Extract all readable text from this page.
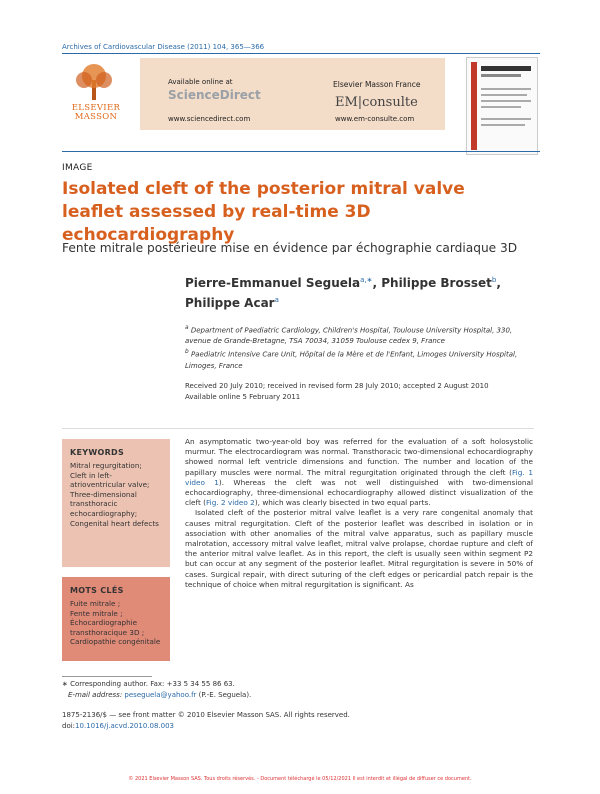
Archives of Cardiovascular Disease (2011) 104, 365—366
ELSEVIER MASSON
Available online at
ScienceDirect
www.sciencedirect.com
Elsevier Masson France
EM|consulte
www.em-consulte.com
IMAGE
Isolated cleft of the posterior mitral valve leaflet assessed by real-time 3D echocardiography
Fente mitrale postérieure mise en évidence par échographie cardiaque 3D
Pierre-Emmanuel Seguela$^{a,∗}$, Philippe Brosset$^b$,
Philippe Acar$^a$
$^a$ Department of Paediatric Cardiology, Children's Hospital, Toulouse University Hospital, 330, avenue de Grande-Bretagne, TSA 70034, 31059 Toulouse cedex 9, France
$^b$ Paediatric Intensive Care Unit, Hôpital de la Mère et de l'Enfant, Limoges University Hospital, Limoges, France
Received 20 July 2010; received in revised form 28 July 2010; accepted 2 August 2010
Available online 5 February 2011
KEYWORDS
Mitral regurgitation;
Cleft in left-atrioventricular valve;
Three-dimensional transthoracic echocardiography;
Congenital heart defects
MOTS CLÉS
Fuite mitrale ;
Fente mitrale ;
Échocardiographie transthoracique 3D ;
Cardiopathie congénitale

An asymptomatic two-year-old boy was referred for the evaluation of a soft holosystolic murmur. The electrocardiogram was normal. Transthoracic two-dimensional echocardiography showed normal left ventricle dimensions and function. The number and location of the papillary muscles were normal. The mitral regurgitation originated through the cleft (Fig. 1 video 1). Whereas the cleft was not well distinguished with two-dimensional echocardiography, three-dimensional echocardiography allowed distinct visualization of the cleft (Fig. 2 video 2), which was clearly bisected in two equal parts.

Isolated cleft of the posterior mitral valve leaflet is a very rare congenital anomaly that causes mitral regurgitation. Cleft of the posterior leaflet was described in isolation or in association with other anomalies of the mitral valve apparatus, such as papillary muscle malrotation, accessory mitral valve leaflet, mitral valve prolapse, chordae rupture and cleft of the anterior mitral valve leaflet. As in this report, the cleft is usually seen within segment P2 but can occur at any segment of the posterior leaflet. Mitral regurgitation is severe in 50% of cases. Surgical repair, with direct suturing of the cleft edges or pericardial patch repair is the technique of choice when mitral regurgitation is significant. As

∗ Corresponding author. Fax: +33 5 34 55 86 63.
E-mail address: peseguela@yahoo.fr (P.-E. Seguela).
1875-2136/$ — see front matter © 2010 Elsevier Masson SAS. All rights reserved.
doi:10.1016/j.acvd.2010.08.003
© 2021 Elsevier Masson SAS. Tous droits réservés. - Document téléchargé le 05/12/2021 Il est interdit et illégal de diffuser ce document.
